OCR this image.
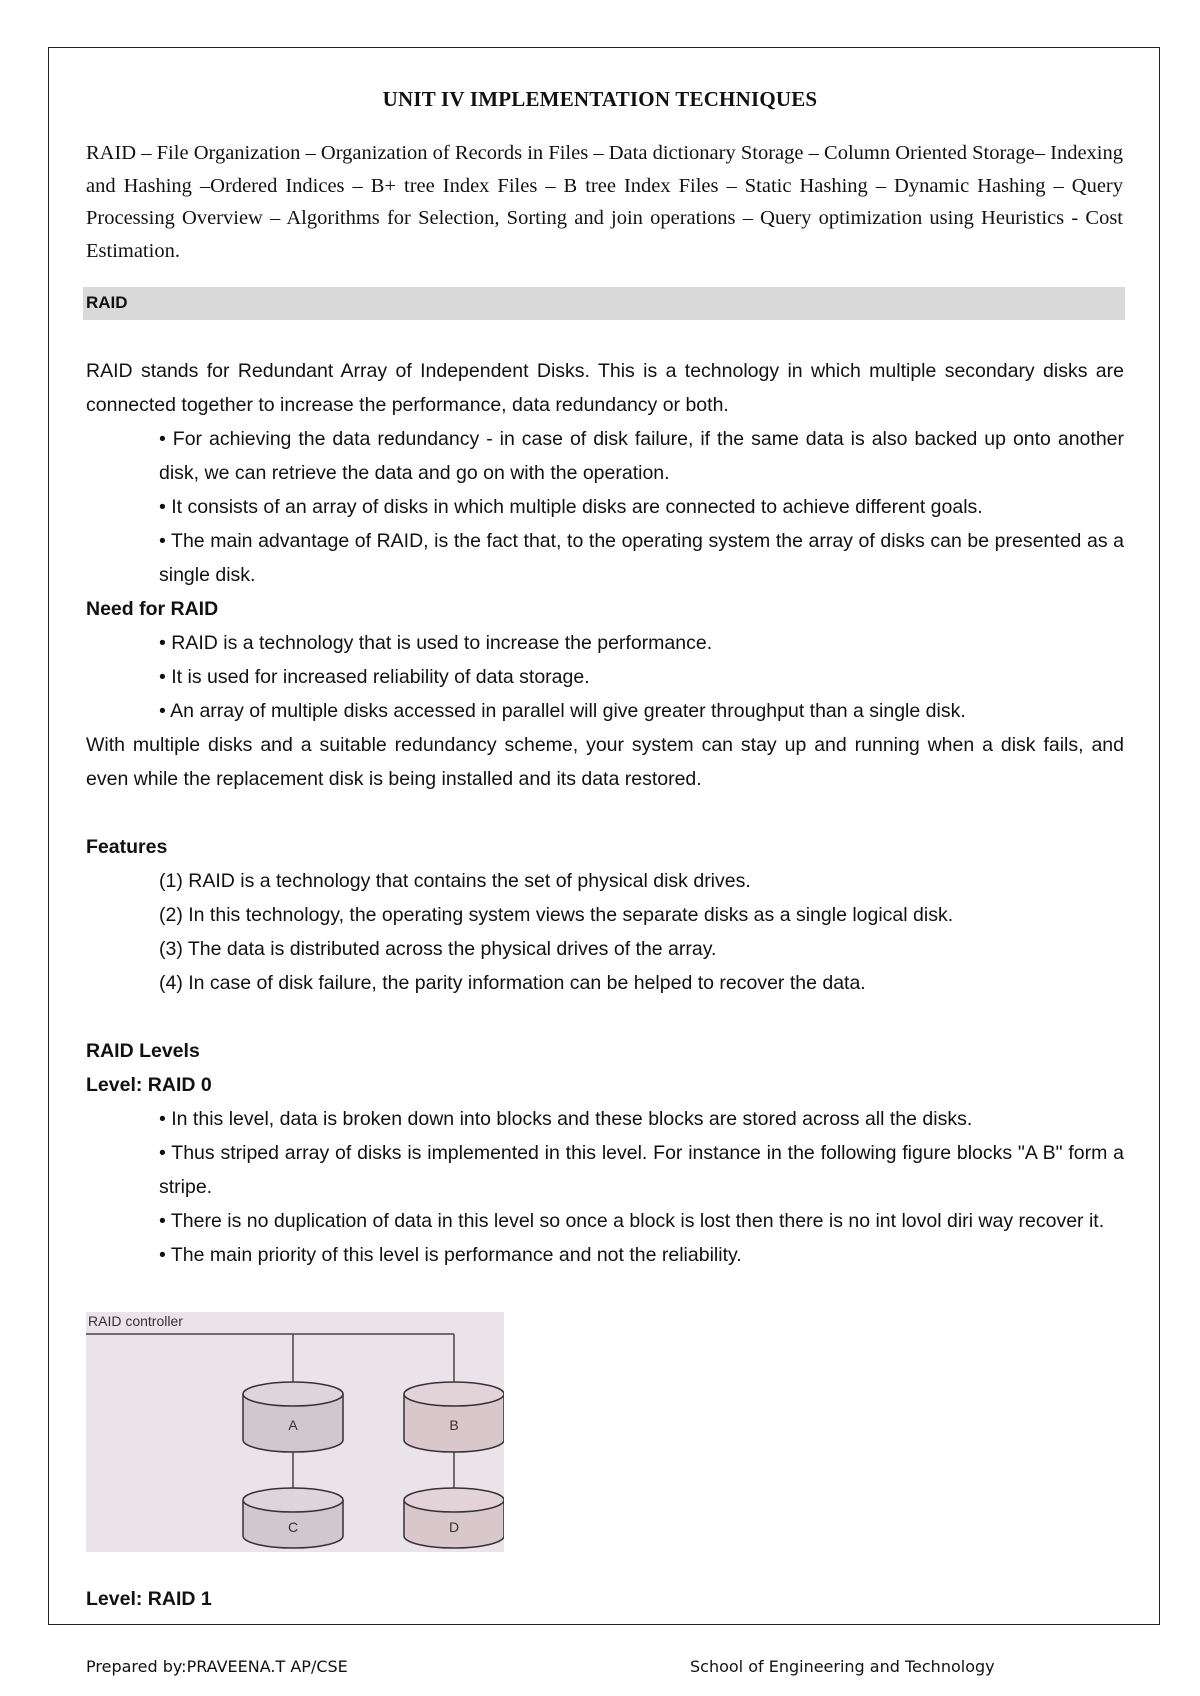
UNIT IV IMPLEMENTATION TECHNIQUES
RAID – File Organization – Organization of Records in Files – Data dictionary Storage – Column Oriented Storage– Indexing and Hashing –Ordered Indices – B+ tree Index Files – B tree Index Files – Static Hashing – Dynamic Hashing – Query Processing Overview – Algorithms for Selection, Sorting and join operations – Query optimization using Heuristics - Cost Estimation.
RAID

RAID stands for Redundant Array of Independent Disks. This is a technology in which multiple secondary disks are connected together to increase the performance, data redundancy or both.

• For achieving the data redundancy - in case of disk failure, if the same data is also backed up onto another disk, we can retrieve the data and go on with the operation.

• It consists of an array of disks in which multiple disks are connected to achieve different goals.

• The main advantage of RAID, is the fact that, to the operating system the array of disks can be presented as a single disk.

Need for RAID

• RAID is a technology that is used to increase the performance.

• It is used for increased reliability of data storage.

• An array of multiple disks accessed in parallel will give greater throughput than a single disk.

With multiple disks and a suitable redundancy scheme, your system can stay up and running when a disk fails, and even while the replacement disk is being installed and its data restored.

Features

(1) RAID is a technology that contains the set of physical disk drives.

(2) In this technology, the operating system views the separate disks as a single logical disk.

(3) The data is distributed across the physical drives of the array.

(4) In case of disk failure, the parity information can be helped to recover the data.

RAID Levels

Level: RAID 0

• In this level, data is broken down into blocks and these blocks are stored across all the disks.

• Thus striped array of disks is implemented in this level. For instance in the following figure blocks "A B" form a stripe.

• There is no duplication of data in this level so once a block is lost then there is no int lovol diri way recover it.

• The main priority of this level is performance and not the reliability.

RAID controller
A	B
C	D
Level: RAID 1
Prepared by:PRAVEENA.T AP/CSE	School of Engineering and Technology
